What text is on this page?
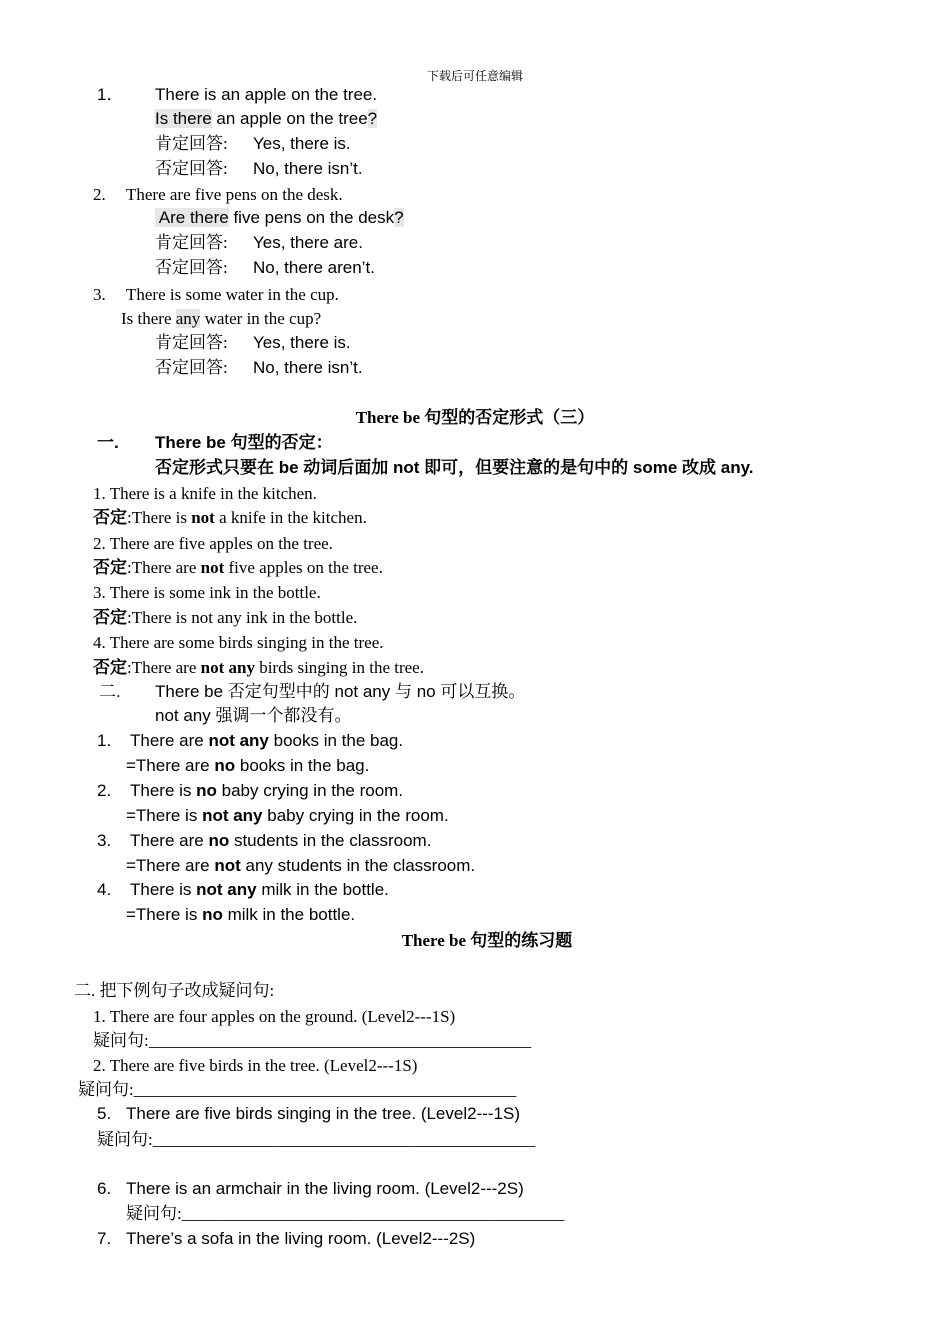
下载后可任意编辑
1． There is an apple on the tree.
Is there an apple on the tree?
肯定回答: Yes, there is.
否定回答: No, there isn’t.
2. There are five pens on the desk.
Are there five pens on the desk?
肯定回答: Yes, there are.
否定回答: No, there aren’t.
3. There is some water in the cup.
Is there any water in the cup?
肯定回答: Yes, there is.
否定回答: No, there isn’t.
There be 句型的否定形式（三）
一. There be 句型的否定：
否定形式只要在 be 动词后面加 not 即可，但要注意的是句中的 some 改成 any.
1. There is a knife in the kitchen.
否定:There is not a knife in the kitchen.
2. There are five apples on the tree.
否定:There are not five apples on the tree.
3. There is some ink in the bottle.
否定:There is not any ink in the bottle.
4. There are some birds singing in the tree.
否定:There are not any birds singing in the tree.
二. There be 否定句型中的 not any 与 no 可以互换。
not any 强调一个都没有。
1. There are not any books in the bag.
=There are no books in the bag.
2. There is no baby crying in the room.
=There is not any baby crying in the room.
3. There are no students in the classroom.
=There are not any students in the classroom.
4. There is not any milk in the bottle.
=There is no milk in the bottle.
There be 句型的练习题
二. 把下例句子改成疑问句:
1. There are four apples on the ground. (Level2---1S)
疑问句:_____________________________________________
2. There are five birds in the tree. (Level2---1S)
疑问句:_____________________________________________
5. There are five birds singing in the tree. (Level2---1S)
疑问句:_____________________________________________
6. There is an armchair in the living room. (Level2---2S)
疑问句:_____________________________________________
7. There’s a sofa in the living room. (Level2---2S)
